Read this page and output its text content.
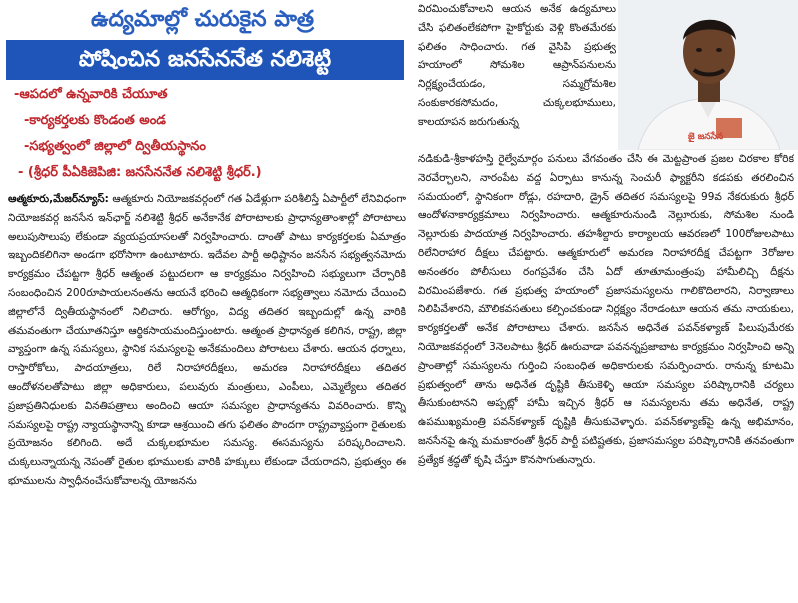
ఉద్యమాల్లో చురుకైన పాత్ర
పోషించిన జనసేననేత నలిశెట్టి
-ఆపదలో ఉన్నవారికి చేయూత
-కార్యకర్తలకు కొండంత అండ
-సభ్యత్వంలో జిల్లాలో ద్వితీయస్థానం
- (శ్రీధర్ పీఏకిజెపిజి: జనసేననేత నలిశెట్టి శ్రీధర్.)

ఆత్మకూరు,మేజర్‌న్యూస్: ఆత్మకూరు నియోజకవర్గంలో గత ఏడేళ్లుగా పరిశీలిస్తే ఏపార్టీలో లేనివిధంగా నియోజకవర్గ జనసేన ఇన్‌ఛార్జ్ నలిశెట్టి శ్రీధర్ అనేకానేక పోరాటాలకు ప్రాధాన్యతాంశాల్లో పోరాటాలు అలుపుసొలుపు లేకుండా వ్యయప్రయాసలతో నిర్వహించారు. దాంతో పాటు కార్యకర్తలకు ఏమాత్రం ఇబ్బందికలిగినా అండగా భరోసాగా ఉంటూటారు. ఇదేవల పార్టీ అధిష్టానం జనసేన సభ్యత్వనమోదు కార్యక్రమం చేపట్టగా శ్రీధర్ ఆత్మంత పట్టుదలగా ఆ కార్యక్రమం నిర్వహించి సభ్యులుగా చేర్పారికి సంబంధించిన 200రూపాయలనంతను ఆయనే భరించి ఆత్మధికంగా సభ్యత్వాలు నమోదు చేయించి జిల్లాలోనే ద్వితీయస్థానంలో నిలిచారు. ఆరోగ్యం, విద్య తదితర ఇబ్బందుల్లో ఉన్న వారికి తమవంతుగా చేయూతనిస్తూ ఆర్థికసాయమందిస్తుంటారు. ఆత్మంత ప్రాధాన్యత కలిగిన, రాష్ట్ర, జిల్లా వ్యాప్తంగా ఉన్న సమస్యలు, స్థానిక సమస్యలపై అనేకమందిలు పోరాటలు చేశారు. ఆయన ధర్నాలు, రాస్తారోకోలు, పాదయాత్రలు, రిలే నిరాహారదీక్షలు, అమరణ నిరాహారదీక్షలు తదితర ఆందోళనలతోపాటు జిల్లా అధికారులు, పలువురు మంత్రులు, ఎంపీలు, ఎమ్మెల్యేలు తదితర ప్రజాప్రతినిధులకు వినతిపత్రాలు అందించి ఆయా సమస్యల ప్రాధాన్యతను వివరించారు. కొన్ని సమస్యలపై రాష్ట్ర న్యాయస్థానాన్ని కూడా ఆశ్రయించి తగు ఫలితం పొందగా రాష్ట్రవ్యాప్తంగా రైతులకు ప్రయోజనం కలిగింది. అదే చుక్కలభూమల సమస్య. ఈసమస్యను పరిష్కరించాలని. చుక్కలున్నాయన్న నెపంతో రైతుల భూములకు వారికి హక్కులు లేకుండా చేయరాదని, ప్రభుత్వం ఈ భూములను స్వాధీనంచేసుకోవాలన్న యోజనను

విరమించుకోవాలని ఆయన అనేక ఉద్యమాలు చేసి ఫలితంలేకపోగా హైకోర్టుకు వెళ్లి కొంతమేరకు ఫలితం సాధించారు. గత వైసిపి ప్రభుత్వ హయాంలో సోమశిల ఆప్రాన్‌పనులను నిర్లక్ష్యంచేయడం, సమ్మగ్రోమశిల సంకుకారకసోమదం, చుక్కలభూములు, కాలయాపన జరుగుతున్న

జై జనసేన

నడికుడి-శ్రీకాళహస్తి రైల్వేమార్గం పనులు వేగవంతం చేసి ఈ మెట్టప్రాంత ప్రజల చిరకాల కోరిక నెరవేర్చాలని, నారంపేట వద్ద ఏర్పాటు కానున్న సెంచురీ ఫ్యాక్టరీని కడపకు తరలించిన సమయంలో, స్థానికంగా రోడ్లు, రహదారి, డ్రైన్ తదితర సమస్యలపై 99వ నేకరుకురు శ్రీధర్ ఆందోళనాకార్యక్రమాలు నిర్వహించారు. ఆత్మకూరునుండి నెల్లూరుకు, సోమశిల నుండి నెల్లూరుకు పాదయాత్ర నిర్వహించారు. తహశీల్దారు కార్యాలయ ఆవరణలో 100రోజులపాటు రిలేనిరాహార దీక్షలు చేపట్టారు. ఆత్మకూరులో అమరణ నిరాహారదీక్ష చేపట్టగా 3రోజుల అనంతరం పోలీసులు రంగప్రవేశం చేసి ఏదో తూతూమంత్రంపు హామీలిచ్చి దీక్షను విరమింపజేశారు. గత ప్రభుత్వ హయాంలో ప్రజాసమస్యలను గాలికొదిలారని, నిర్వాణాలు నిలిపివేశారని, మౌలికవసతులు కల్పించకుండా నిర్లక్ష్యం నేరాడంటూ ఆయన తమ నాయకులు, కార్యకర్తలతో అనేక పోరాటాలు చేశారు. జనసేన అధినేత పవన్‌కళ్యాణ్ పిలుపుమేరకు నియోజకవర్గంలో 3నెలపాటు శ్రీధర్ ఊరువాడా పవనన్నప్రజాబాట కార్యక్రమం నిర్వహించి అన్ని ప్రాంతాల్లో సమస్యలను గుర్తించి సంబంధిత అధికారులకు సమర్పించారు. రానున్న కూటమి ప్రభుత్వంలో తాను అధినేత దృష్టికి తీసుకెళ్ళి ఆయా సమస్యల పరిష్కారానికి చర్యలు తీసుకుంటానని అప్పట్లో హామీ ఇచ్చిన శ్రీధర్ ఆ సమస్యలను తమ అధినేత, రాష్ట్ర ఉపముఖ్యమంత్రి పవన్‌కళ్యాణ్ దృష్టికి తీసుకువెళ్ళారు. పవన్‌కళ్యాణ్‌పై ఉన్న అభిమానం, జనసేనపై ఉన్న మమకారంతో శ్రీధర్ పార్టీ పటిష్టతకు, ప్రజాసమస్యల పరిష్కారానికి తనవంతుగా ప్రత్యేక శ్రద్ధతో కృషి చేస్తూ కొనసాగుతున్నారు.
